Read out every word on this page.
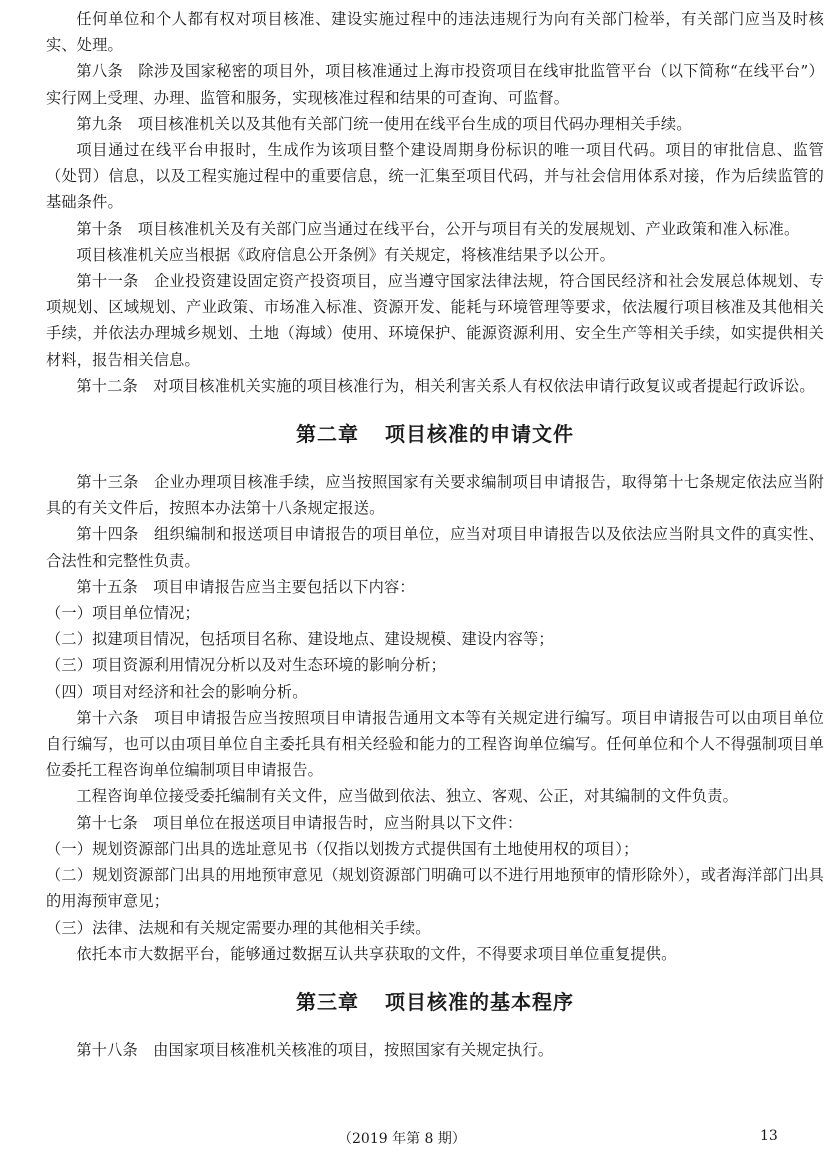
任何单位和个人都有权对项目核准、建设实施过程中的违法违规行为向有关部门检举，有关部门应当及时核实、处理。

第八条 除涉及国家秘密的项目外，项目核准通过上海市投资项目在线审批监管平台（以下简称“在线平台”）实行网上受理、办理、监管和服务，实现核准过程和结果的可查询、可监督。

第九条 项目核准机关以及其他有关部门统一使用在线平台生成的项目代码办理相关手续。

项目通过在线平台申报时，生成作为该项目整个建设周期身份标识的唯一项目代码。项目的审批信息、监管（处罚）信息，以及工程实施过程中的重要信息，统一汇集至项目代码，并与社会信用体系对接，作为后续监管的基础条件。

第十条 项目核准机关及有关部门应当通过在线平台，公开与项目有关的发展规划、产业政策和准入标准。

项目核准机关应当根据《政府信息公开条例》有关规定，将核准结果予以公开。

第十一条 企业投资建设固定资产投资项目，应当遵守国家法律法规，符合国民经济和社会发展总体规划、专项规划、区域规划、产业政策、市场准入标准、资源开发、能耗与环境管理等要求，依法履行项目核准及其他相关手续，并依法办理城乡规划、土地（海域）使用、环境保护、能源资源利用、安全生产等相关手续，如实提供相关材料，报告相关信息。

第十二条 对项目核准机关实施的项目核准行为，相关利害关系人有权依法申请行政复议或者提起行政诉讼。

第二章 项目核准的申请文件

第十三条 企业办理项目核准手续，应当按照国家有关要求编制项目申请报告，取得第十七条规定依法应当附具的有关文件后，按照本办法第十八条规定报送。

第十四条 组织编制和报送项目申请报告的项目单位，应当对项目申请报告以及依法应当附具文件的真实性、合法性和完整性负责。

第十五条 项目申请报告应当主要包括以下内容：

（一）项目单位情况；

（二）拟建项目情况，包括项目名称、建设地点、建设规模、建设内容等；

（三）项目资源利用情况分析以及对生态环境的影响分析；

（四）项目对经济和社会的影响分析。

第十六条 项目申请报告应当按照项目申请报告通用文本等有关规定进行编写。项目申请报告可以由项目单位自行编写，也可以由项目单位自主委托具有相关经验和能力的工程咨询单位编写。任何单位和个人不得强制项目单位委托工程咨询单位编制项目申请报告。

工程咨询单位接受委托编制有关文件，应当做到依法、独立、客观、公正，对其编制的文件负责。

第十七条 项目单位在报送项目申请报告时，应当附具以下文件：

（一）规划资源部门出具的选址意见书（仅指以划拨方式提供国有土地使用权的项目）；

（二）规划资源部门出具的用地预审意见（规划资源部门明确可以不进行用地预审的情形除外），或者海洋部门出具的用海预审意见；

（三）法律、法规和有关规定需要办理的其他相关手续。

依托本市大数据平台，能够通过数据互认共享获取的文件，不得要求项目单位重复提供。

第三章 项目核准的基本程序

第十八条 由国家项目核准机关核准的项目，按照国家有关规定执行。

（2019 年第 8 期）	13
